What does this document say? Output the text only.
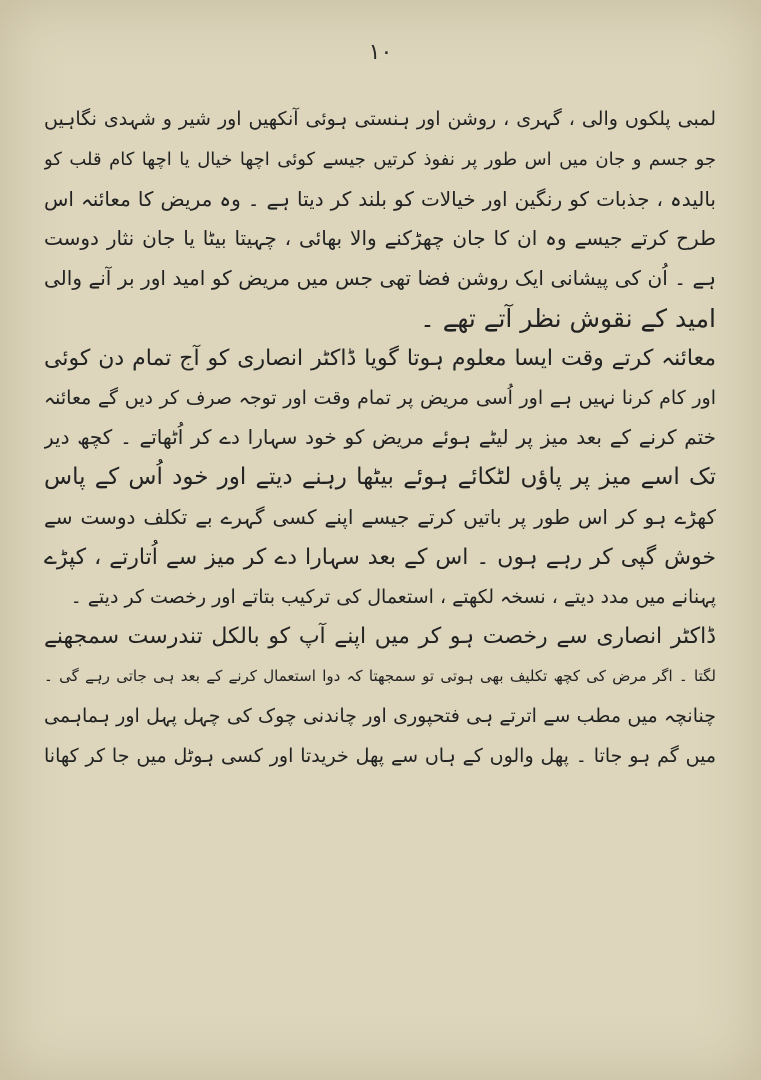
۱۰
لمبی پلکوں والی ، گہری ، روشن اور ہنستی ہوئی آنکھیں اور شیر و شہدی نگاہیں
جو جسم و جان میں اس طور پر نفوذ کرتیں جیسے کوئی اچھا خیال یا اچھا کام قلب کو
بالیدہ ، جذبات کو رنگین اور خیالات کو بلند کر دیتا ہے ۔ وہ مریض کا معائنہ اس
طرح کرتے جیسے وہ ان کا جان چھڑکنے والا بھائی ، چہیتا بیٹا یا جان نثار دوست
ہے ۔ اُن کی پیشانی ایک روشن فضا تھی جس میں مریض کو امید اور بر آنے والی
امید کے نقوش نظر آتے تھے ۔
معائنہ کرتے وقت ایسا معلوم ہوتا گویا ڈاکٹر انصاری کو آج تمام دن کوئی
اور کام کرنا نہیں ہے اور اُسی مریض پر تمام وقت اور توجہ صرف کر دیں گے معائنہ
ختم کرنے کے بعد میز پر لیٹے ہوئے مریض کو خود سہارا دے کر اُٹھاتے ۔ کچھ دیر
تک اسے میز پر پاؤں لٹکائے ہوئے بیٹھا رہنے دیتے اور خود اُس کے پاس
کھڑے ہو کر اس طور پر باتیں کرتے جیسے اپنے کسی گہرے بے تکلف دوست سے
خوش گپی کر رہے ہوں ۔ اس کے بعد سہارا دے کر میز سے اُتارتے ، کپڑے
پہنانے میں مدد دیتے ، نسخہ لکھتے ، استعمال کی ترکیب بتاتے اور رخصت کر دیتے ۔
ڈاکٹر انصاری سے رخصت ہو کر میں اپنے آپ کو بالکل تندرست سمجھنے
لگتا ۔ اگر مرض کی کچھ تکلیف بھی ہوتی تو سمجھتا کہ دوا استعمال کرنے کے بعد ہی جاتی رہے گی ۔
چنانچہ میں مطب سے اترتے ہی فتحپوری اور چاندنی چوک کی چہل پہل اور ہماہمی
میں گم ہو جاتا ۔ پھل والوں کے ہاں سے پھل خریدتا اور کسی ہوٹل میں جا کر کھانا
